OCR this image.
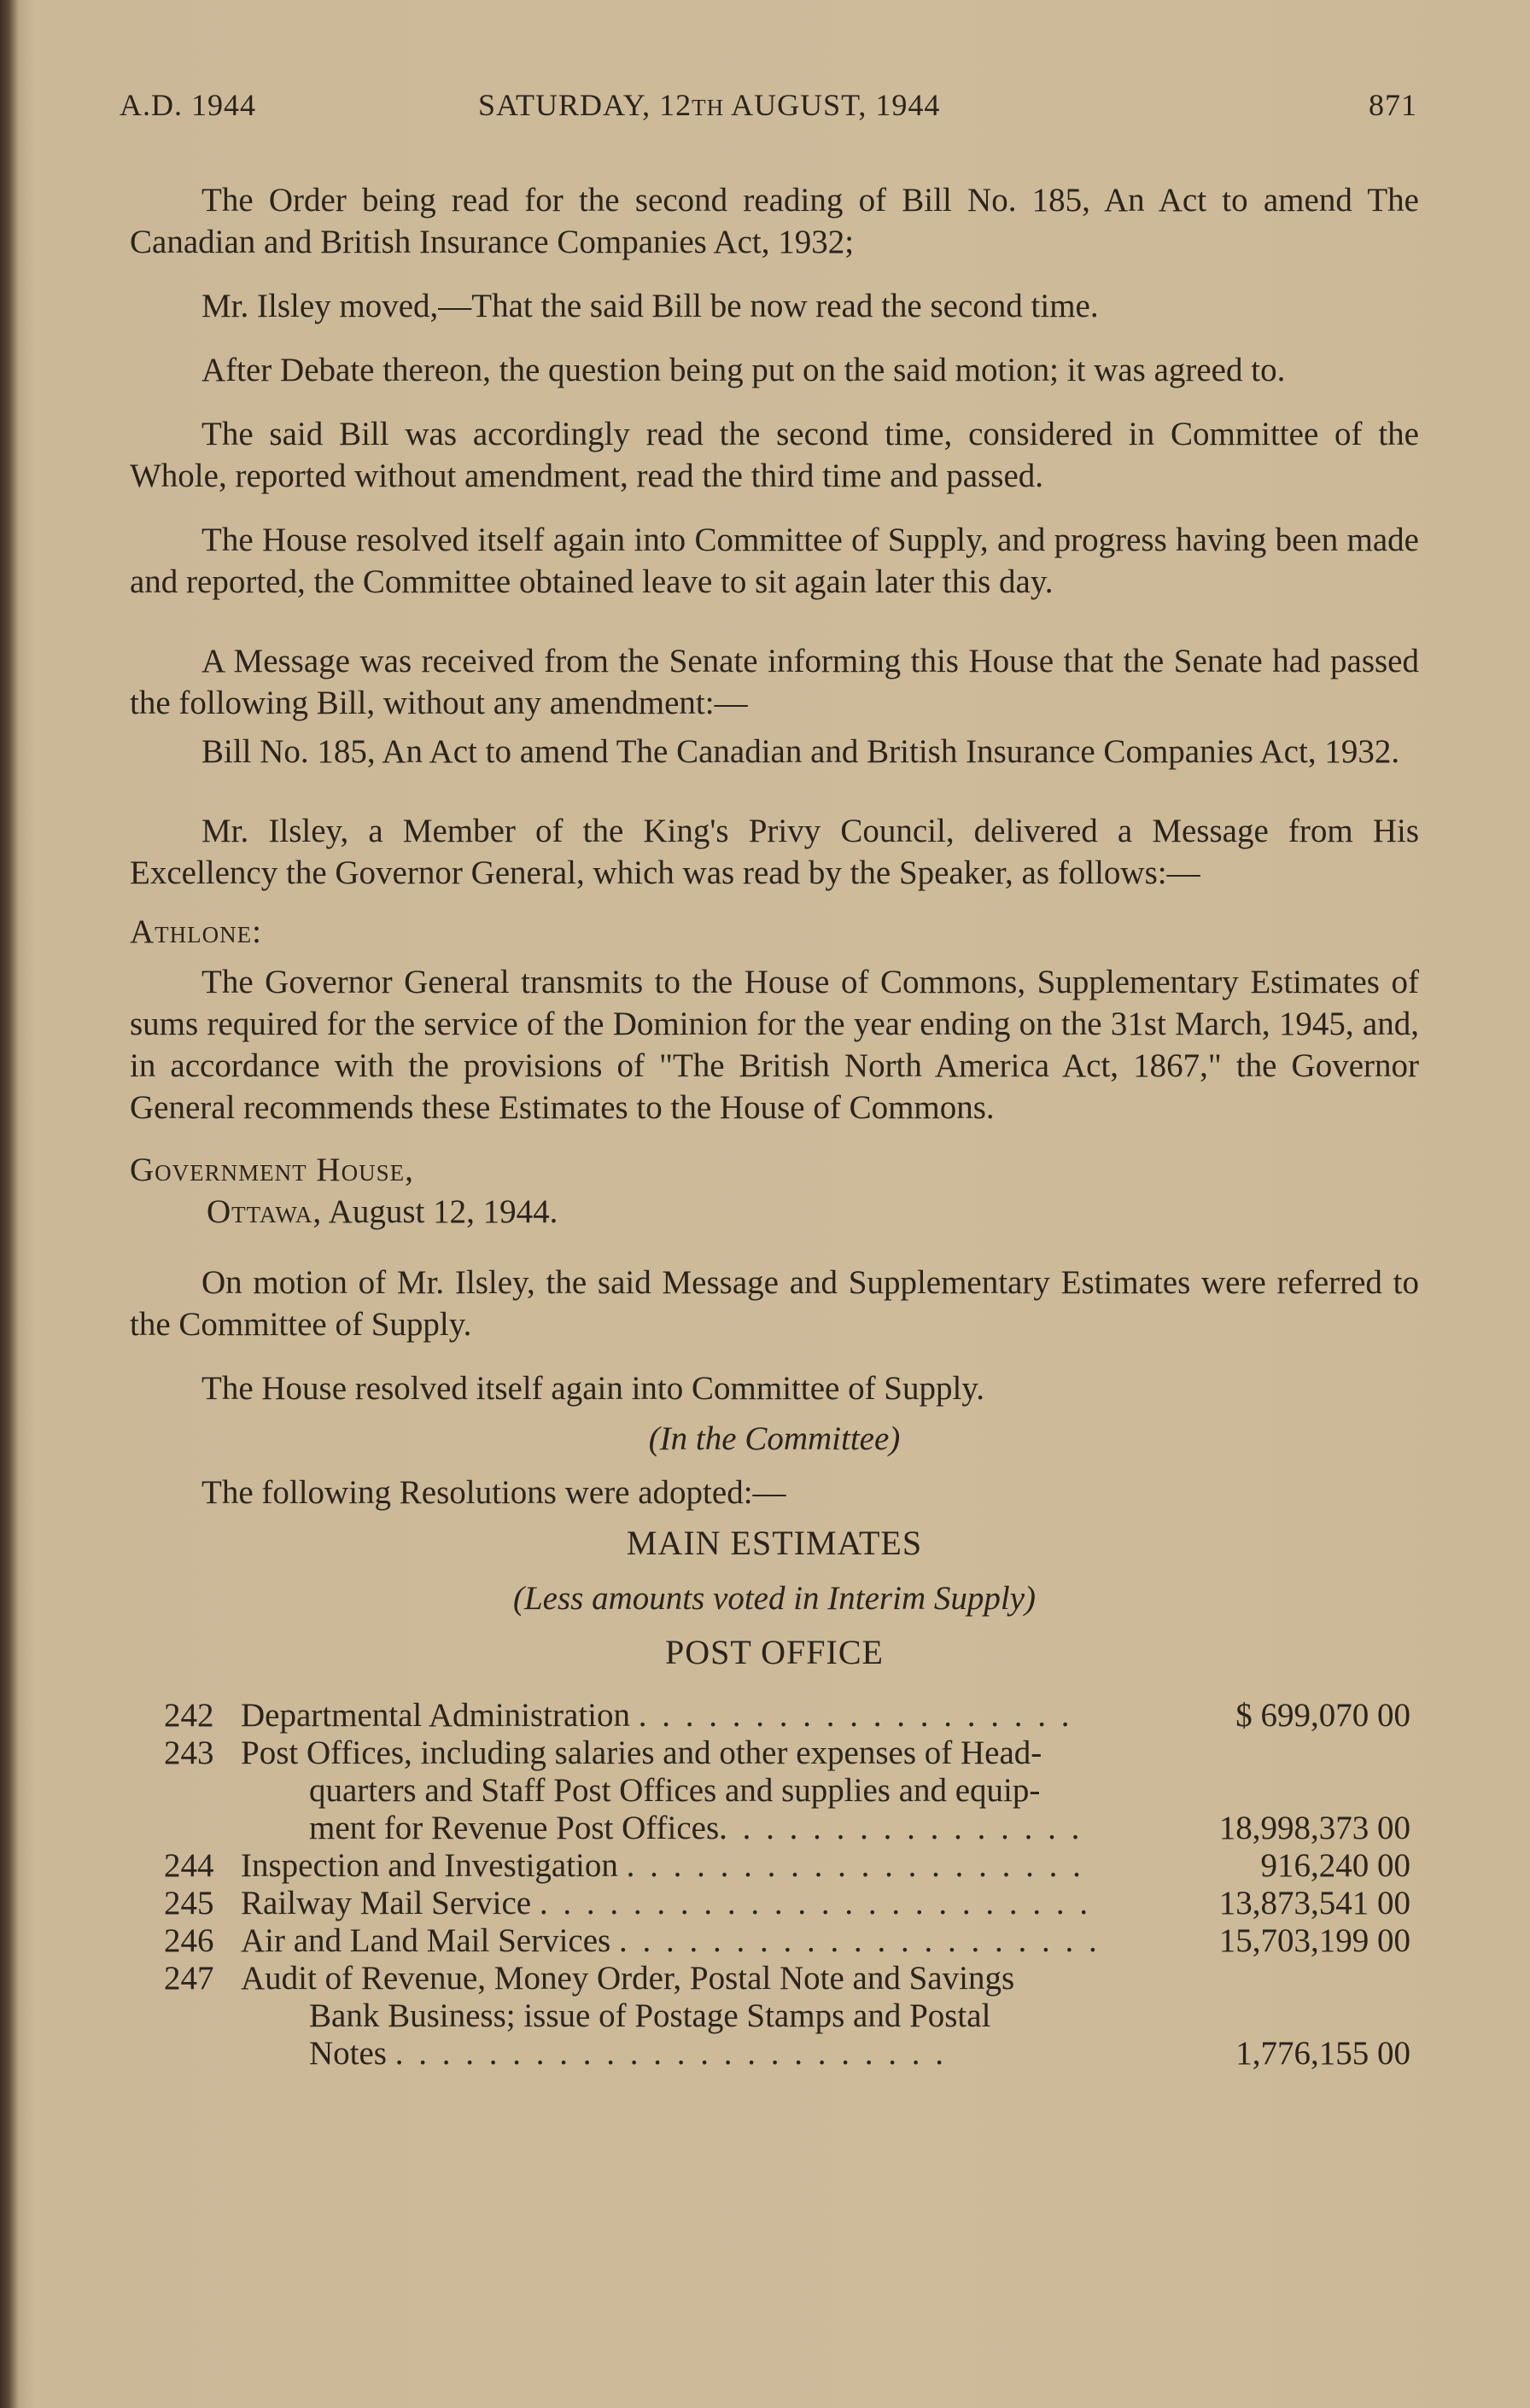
A.D. 1944	SATURDAY, 12TH AUGUST, 1944	871

The Order being read for the second reading of Bill No. 185, An Act to amend The Canadian and British Insurance Companies Act, 1932;

Mr. Ilsley moved,—That the said Bill be now read the second time.

After Debate thereon, the question being put on the said motion; it was agreed to.

The said Bill was accordingly read the second time, considered in Committee of the Whole, reported without amendment, read the third time and passed.

The House resolved itself again into Committee of Supply, and progress having been made and reported, the Committee obtained leave to sit again later this day.

A Message was received from the Senate informing this House that the Senate had passed the following Bill, without any amendment:—

Bill No. 185, An Act to amend The Canadian and British Insurance Companies Act, 1932.

Mr. Ilsley, a Member of the King's Privy Council, delivered a Message from His Excellency the Governor General, which was read by the Speaker, as follows:—

Athlone:

The Governor General transmits to the House of Commons, Supplementary Estimates of sums required for the service of the Dominion for the year ending on the 31st March, 1945, and, in accordance with the provisions of "The British North America Act, 1867," the Governor General recommends these Estimates to the House of Commons.

Government House,

Ottawa, August 12, 1944.

On motion of Mr. Ilsley, the said Message and Supplementary Estimates were referred to the Committee of Supply.

The House resolved itself again into Committee of Supply.

(In the Committee)

The following Resolutions were adopted:—

MAIN ESTIMATES

(Less amounts voted in Interim Supply)

POST OFFICE

242 Departmental Administration . . . . . . . . . . . . . . . . . . .	$ 699,070 00
243 Post Offices, including salaries and other expenses of Head-
quarters and Staff Post Offices and supplies and equip-
ment for Revenue Post Offices. . . . . . . . . . . . . . . .	18,998,373 00
244 Inspection and Investigation . . . . . . . . . . . . . . . . . . . .	916,240 00
245 Railway Mail Service . . . . . . . . . . . . . . . . . . . . . . . .	13,873,541 00
246 Air and Land Mail Services . . . . . . . . . . . . . . . . . . . . .	15,703,199 00
247 Audit of Revenue, Money Order, Postal Note and Savings
Bank Business; issue of Postage Stamps and Postal
Notes . . . . . . . . . . . . . . . . . . . . . . . .	1,776,155 00
